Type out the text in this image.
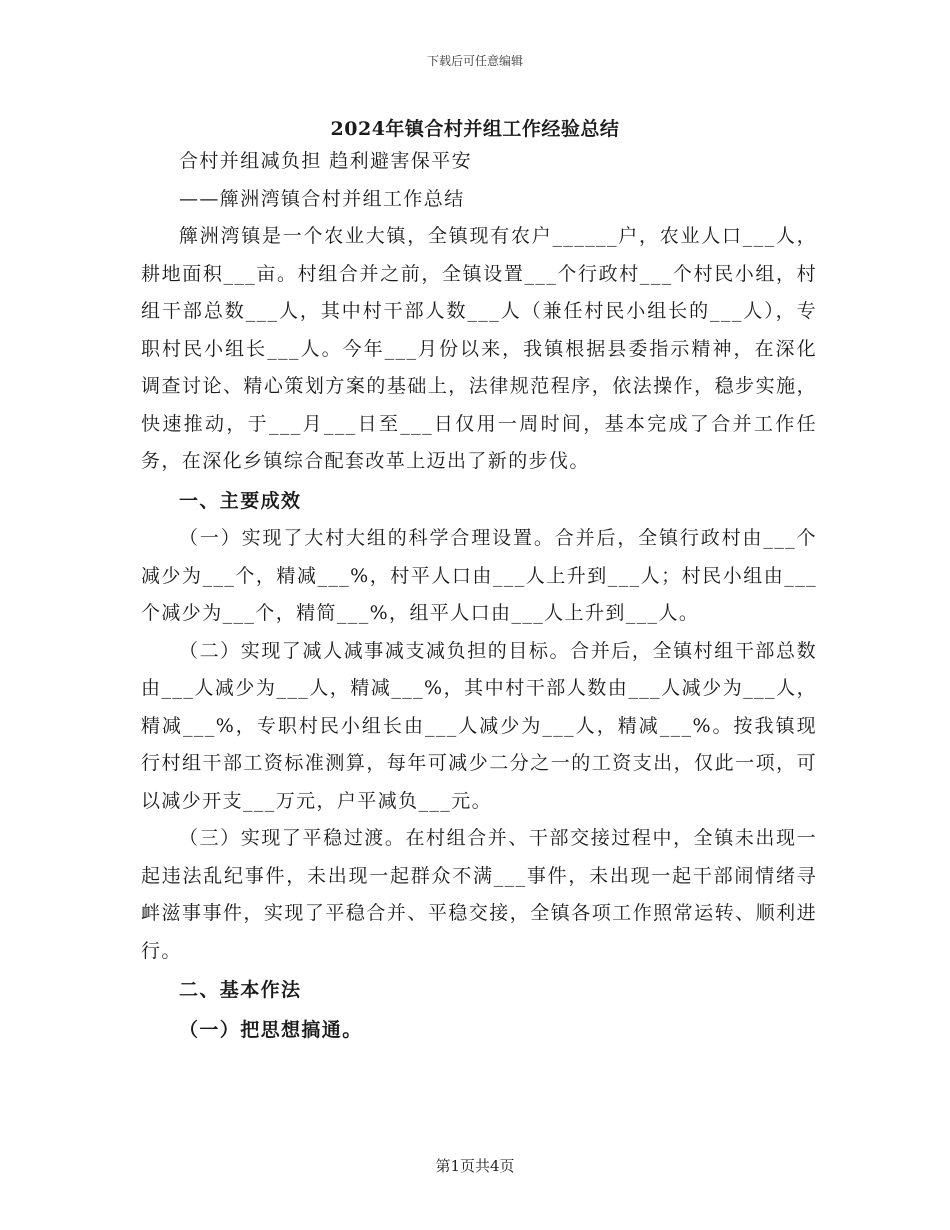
下载后可任意编辑
2024年镇合村并组工作经验总结

合村并组减负担 趋利避害保平安

——簰洲湾镇合村并组工作总结

簰洲湾镇是一个农业大镇，全镇现有农户______户，农业人口___人，耕地面积___亩。村组合并之前，全镇设置___个行政村___个村民小组，村组干部总数___人，其中村干部人数___人（兼任村民小组长的___人），专职村民小组长___人。今年___月份以来，我镇根据县委指示精神，在深化调查讨论、精心策划方案的基础上，法律规范程序，依法操作，稳步实施，快速推动，于___月___日至___日仅用一周时间，基本完成了合并工作任务，在深化乡镇综合配套改革上迈出了新的步伐。

一、主要成效

（一）实现了大村大组的科学合理设置。合并后，全镇行政村由___个减少为___个，精减___%，村平人口由___人上升到___人；村民小组由___个减少为___个，精简___%，组平人口由___人上升到___人。

（二）实现了减人减事减支减负担的目标。合并后，全镇村组干部总数由___人减少为___人，精减___%，其中村干部人数由___人减少为___人，精减___%，专职村民小组长由___人减少为___人，精减___%。按我镇现行村组干部工资标准测算，每年可减少二分之一的工资支出，仅此一项，可以减少开支___万元，户平减负___元。

（三）实现了平稳过渡。在村组合并、干部交接过程中，全镇未出现一起违法乱纪事件，未出现一起群众不满___事件，未出现一起干部闹情绪寻衅滋事事件，实现了平稳合并、平稳交接，全镇各项工作照常运转、顺利进行。

二、基本作法

（一）把思想搞通。

第1页共4页
